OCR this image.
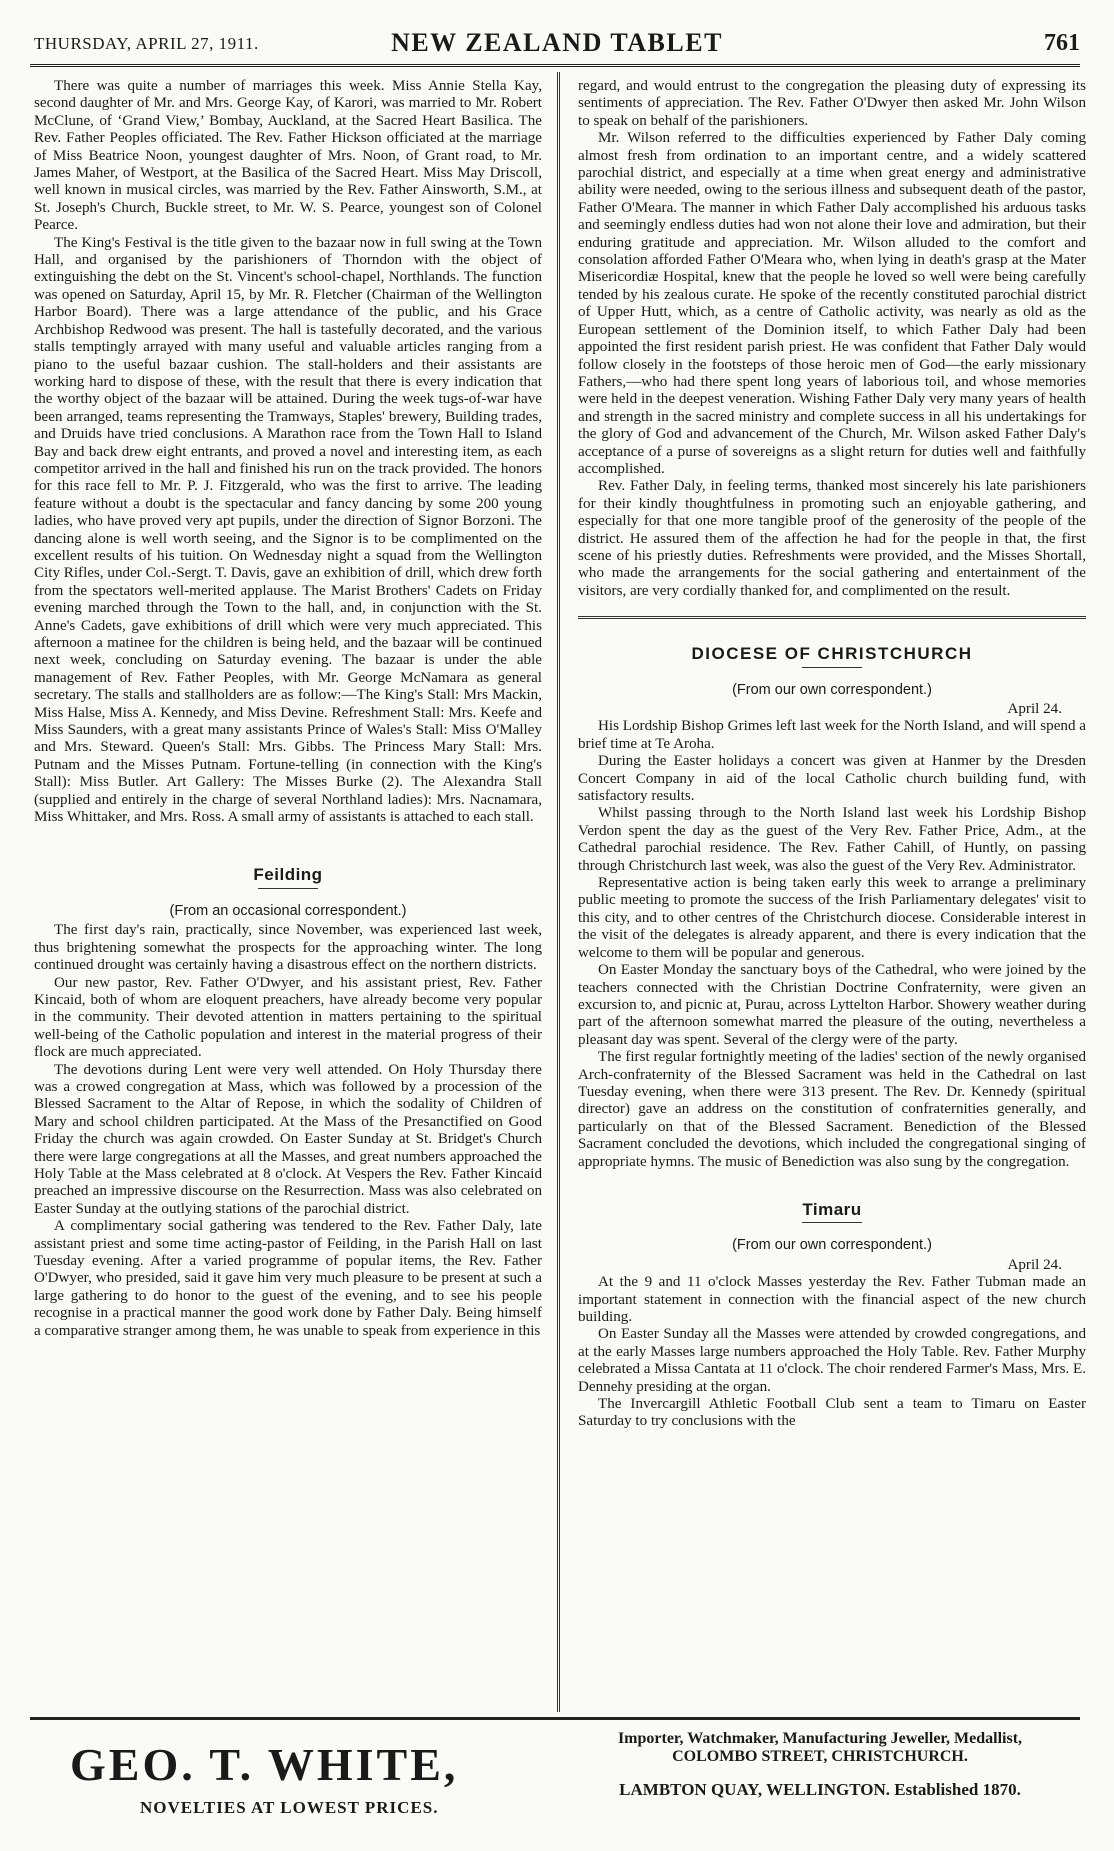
THURSDAY, APRIL 27, 1911.	NEW ZEALAND TABLET	761

There was quite a number of marriages this week. Miss Annie Stella Kay, second daughter of Mr. and Mrs. George Kay, of Karori, was married to Mr. Robert McClune, of ‘Grand View,’ Bombay, Auckland, at the Sacred Heart Basilica. The Rev. Father Peoples officiated. The Rev. Father Hickson officiated at the marriage of Miss Beatrice Noon, youngest daughter of Mrs. Noon, of Grant road, to Mr. James Maher, of Westport, at the Basilica of the Sacred Heart. Miss May Driscoll, well known in musical circles, was married by the Rev. Father Ainsworth, S.M., at St. Joseph's Church, Buckle street, to Mr. W. S. Pearce, youngest son of Colonel Pearce.

The King's Festival is the title given to the bazaar now in full swing at the Town Hall, and organised by the parishioners of Thorndon with the object of extinguishing the debt on the St. Vincent's school-chapel, Northlands. The function was opened on Saturday, April 15, by Mr. R. Fletcher (Chairman of the Wellington Harbor Board). There was a large attendance of the public, and his Grace Archbishop Redwood was present. The hall is tastefully decorated, and the various stalls temptingly arrayed with many useful and valuable articles ranging from a piano to the useful bazaar cushion. The stall-holders and their assistants are working hard to dispose of these, with the result that there is every indication that the worthy object of the bazaar will be attained. During the week tugs-of-war have been arranged, teams representing the Tramways, Staples' brewery, Building trades, and Druids have tried conclusions. A Marathon race from the Town Hall to Island Bay and back drew eight entrants, and proved a novel and interesting item, as each competitor arrived in the hall and finished his run on the track provided. The honors for this race fell to Mr. P. J. Fitzgerald, who was the first to arrive. The leading feature without a doubt is the spectacular and fancy dancing by some 200 young ladies, who have proved very apt pupils, under the direction of Signor Borzoni. The dancing alone is well worth seeing, and the Signor is to be complimented on the excellent results of his tuition. On Wednesday night a squad from the Wellington City Rifles, under Col.-Sergt. T. Davis, gave an exhibition of drill, which drew forth from the spectators well-merited applause. The Marist Brothers' Cadets on Friday evening marched through the Town to the hall, and, in conjunction with the St. Anne's Cadets, gave exhibitions of drill which were very much appreciated. This afternoon a matinee for the children is being held, and the bazaar will be continued next week, concluding on Saturday evening. The bazaar is under the able management of Rev. Father Peoples, with Mr. George McNamara as general secretary. The stalls and stallholders are as follow:—The King's Stall: Mrs Mackin, Miss Halse, Miss A. Kennedy, and Miss Devine. Refreshment Stall: Mrs. Keefe and Miss Saunders, with a great many assistants Prince of Wales's Stall: Miss O'Malley and Mrs. Steward. Queen's Stall: Mrs. Gibbs. The Princess Mary Stall: Mrs. Putnam and the Misses Putnam. Fortune-telling (in connection with the King's Stall): Miss Butler. Art Gallery: The Misses Burke (2). The Alexandra Stall (supplied and entirely in the charge of several Northland ladies): Mrs. Nacnamara, Miss Whittaker, and Mrs. Ross. A small army of assistants is attached to each stall.

Feilding
(From an occasional correspondent.)

The first day's rain, practically, since November, was experienced last week, thus brightening somewhat the prospects for the approaching winter. The long continued drought was certainly having a disastrous effect on the northern districts.

Our new pastor, Rev. Father O'Dwyer, and his assistant priest, Rev. Father Kincaid, both of whom are eloquent preachers, have already become very popular in the community. Their devoted attention in matters pertaining to the spiritual well-being of the Catholic population and interest in the material progress of their flock are much appreciated.

The devotions during Lent were very well attended. On Holy Thursday there was a crowed congregation at Mass, which was followed by a procession of the Blessed Sacrament to the Altar of Repose, in which the sodality of Children of Mary and school children participated. At the Mass of the Presanctified on Good Friday the church was again crowded. On Easter Sunday at St. Bridget's Church there were large congregations at all the Masses, and great numbers approached the Holy Table at the Mass celebrated at 8 o'clock. At Vespers the Rev. Father Kincaid preached an impressive discourse on the Resurrection. Mass was also celebrated on Easter Sunday at the outlying stations of the parochial district.

A complimentary social gathering was tendered to the Rev. Father Daly, late assistant priest and some time acting-pastor of Feilding, in the Parish Hall on last Tuesday evening. After a varied programme of popular items, the Rev. Father O'Dwyer, who presided, said it gave him very much pleasure to be present at such a large gathering to do honor to the guest of the evening, and to see his people recognise in a practical manner the good work done by Father Daly. Being himself a comparative stranger among them, he was unable to speak from experience in this

regard, and would entrust to the congregation the pleasing duty of expressing its sentiments of appreciation. The Rev. Father O'Dwyer then asked Mr. John Wilson to speak on behalf of the parishioners.

Mr. Wilson referred to the difficulties experienced by Father Daly coming almost fresh from ordination to an important centre, and a widely scattered parochial district, and especially at a time when great energy and administrative ability were needed, owing to the serious illness and subsequent death of the pastor, Father O'Meara. The manner in which Father Daly accomplished his arduous tasks and seemingly endless duties had won not alone their love and admiration, but their enduring gratitude and appreciation. Mr. Wilson alluded to the comfort and consolation afforded Father O'Meara who, when lying in death's grasp at the Mater Misericordiæ Hospital, knew that the people he loved so well were being carefully tended by his zealous curate. He spoke of the recently constituted parochial district of Upper Hutt, which, as a centre of Catholic activity, was nearly as old as the European settlement of the Dominion itself, to which Father Daly had been appointed the first resident parish priest. He was confident that Father Daly would follow closely in the footsteps of those heroic men of God—the early missionary Fathers,—who had there spent long years of laborious toil, and whose memories were held in the deepest veneration. Wishing Father Daly very many years of health and strength in the sacred ministry and complete success in all his undertakings for the glory of God and advancement of the Church, Mr. Wilson asked Father Daly's acceptance of a purse of sovereigns as a slight return for duties well and faithfully accomplished.

Rev. Father Daly, in feeling terms, thanked most sincerely his late parishioners for their kindly thoughtfulness in promoting such an enjoyable gathering, and especially for that one more tangible proof of the generosity of the people of the district. He assured them of the affection he had for the people in that, the first scene of his priestly duties. Refreshments were provided, and the Misses Shortall, who made the arrangements for the social gathering and entertainment of the visitors, are very cordially thanked for, and complimented on the result.

DIOCESE OF CHRISTCHURCH
(From our own correspondent.)
April 24.

His Lordship Bishop Grimes left last week for the North Island, and will spend a brief time at Te Aroha.

During the Easter holidays a concert was given at Hanmer by the Dresden Concert Company in aid of the local Catholic church building fund, with satisfactory results.

Whilst passing through to the North Island last week his Lordship Bishop Verdon spent the day as the guest of the Very Rev. Father Price, Adm., at the Cathedral parochial residence. The Rev. Father Cahill, of Huntly, on passing through Christchurch last week, was also the guest of the Very Rev. Administrator.

Representative action is being taken early this week to arrange a preliminary public meeting to promote the success of the Irish Parliamentary delegates' visit to this city, and to other centres of the Christchurch diocese. Considerable interest in the visit of the delegates is already apparent, and there is every indication that the welcome to them will be popular and generous.

On Easter Monday the sanctuary boys of the Cathedral, who were joined by the teachers connected with the Christian Doctrine Confraternity, were given an excursion to, and picnic at, Purau, across Lyttelton Harbor. Showery weather during part of the afternoon somewhat marred the pleasure of the outing, nevertheless a pleasant day was spent. Several of the clergy were of the party.

The first regular fortnightly meeting of the ladies' section of the newly organised Arch-confraternity of the Blessed Sacrament was held in the Cathedral on last Tuesday evening, when there were 313 present. The Rev. Dr. Kennedy (spiritual director) gave an address on the constitution of confraternities generally, and particularly on that of the Blessed Sacrament. Benediction of the Blessed Sacrament concluded the devotions, which included the congregational singing of appropriate hymns. The music of Benediction was also sung by the congregation.

Timaru
(From our own correspondent.)
April 24.

At the 9 and 11 o'clock Masses yesterday the Rev. Father Tubman made an important statement in connection with the financial aspect of the new church building.

On Easter Sunday all the Masses were attended by crowded congregations, and at the early Masses large numbers approached the Holy Table. Rev. Father Murphy celebrated a Missa Cantata at 11 o'clock. The choir rendered Farmer's Mass, Mrs. E. Dennehy presiding at the organ.

The Invercargill Athletic Football Club sent a team to Timaru on Easter Saturday to try conclusions with the

GEO. T. WHITE,
NOVELTIES AT LOWEST PRICES.
Importer, Watchmaker, Manufacturing Jeweller, Medallist,
COLOMBO STREET, CHRISTCHURCH.
LAMBTON QUAY, WELLINGTON. Established 1870.
